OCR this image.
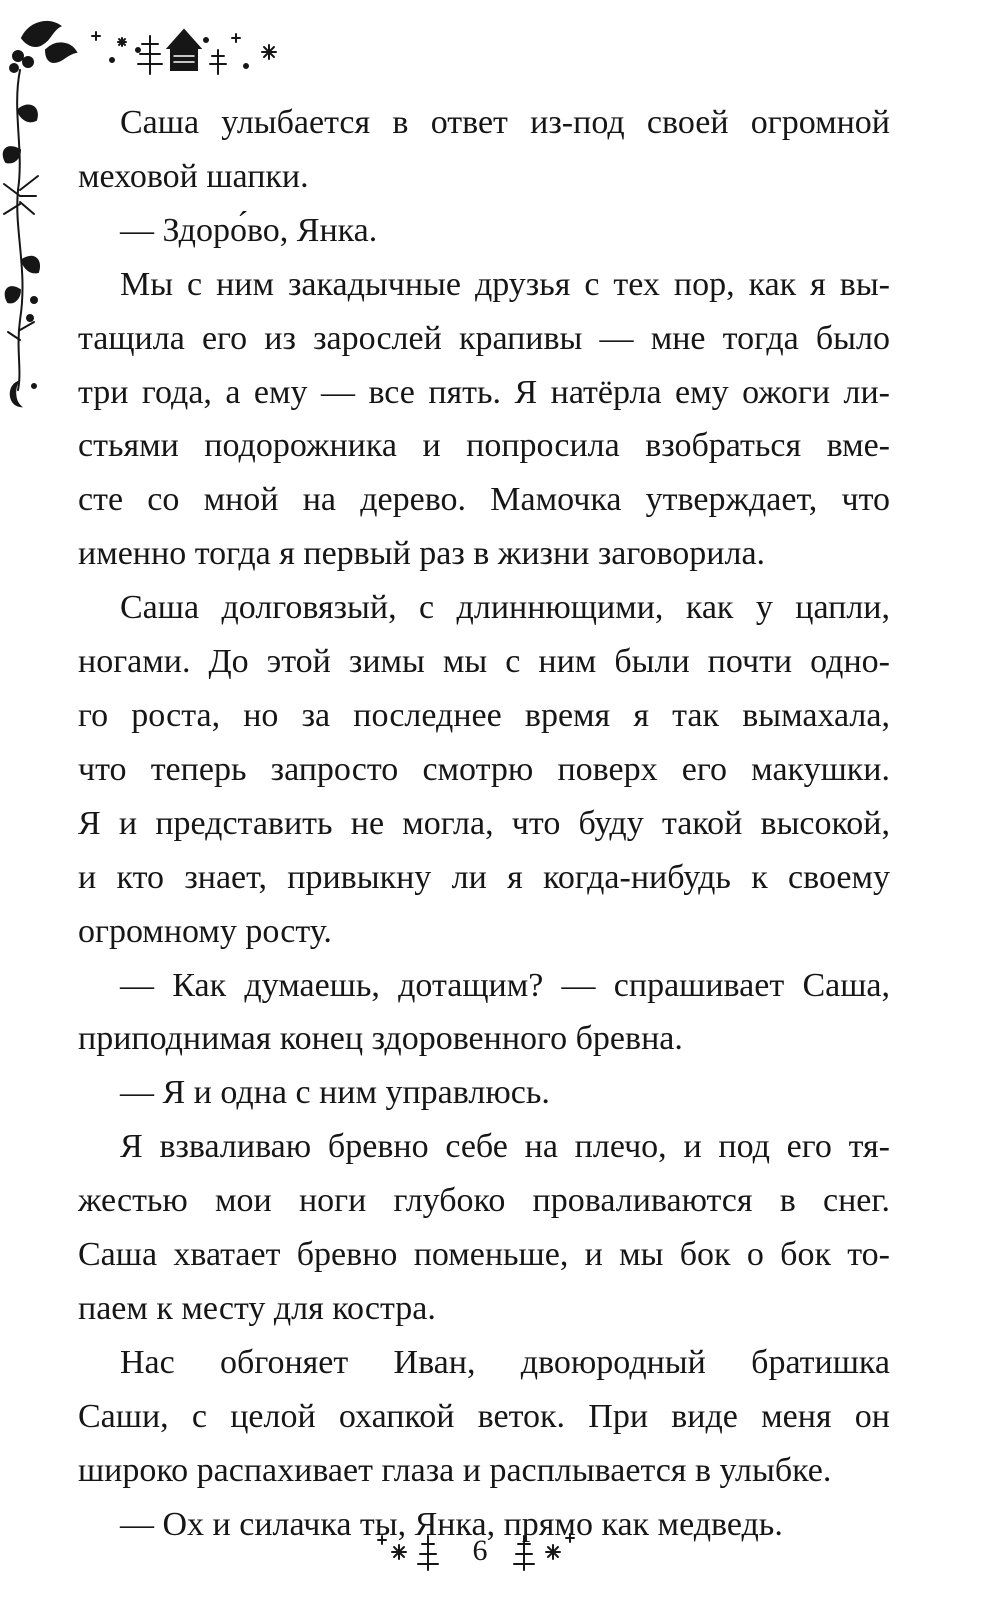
Саша улыбается в ответ из-под своей огромной
меховой шапки.

— Здоро́во, Янка.

Мы с ним закадычные друзья с тех пор, как я вы-
тащила его из зарослей крапивы — мне тогда было
три года, а ему — все пять. Я натёрла ему ожоги ли-
стьями подорожника и попросила взобраться вме-
сте со мной на дерево. Мамочка утверждает, что
именно тогда я первый раз в жизни заговорила.

Саша долговязый, с длиннющими, как у цапли,
ногами. До этой зимы мы с ним были почти одно-
го роста, но за последнее время я так вымахала,
что теперь запросто смотрю поверх его макушки.
Я и представить не могла, что буду такой высокой,
и кто знает, привыкну ли я когда-нибудь к своему
огромному росту.

— Как думаешь, дотащим? — спрашивает Саша,
приподнимая конец здоровенного бревна.

— Я и одна с ним управлюсь.

Я взваливаю бревно себе на плечо, и под его тя-
жестью мои ноги глубоко проваливаются в снег.
Саша хватает бревно поменьше, и мы бок о бок то-
паем к месту для костра.

Нас обгоняет Иван, двоюродный братишка
Саши, с целой охапкой веток. При виде меня он
широко распахивает глаза и расплывается в улыбке.

— Ох и силачка ты, Янка, прямо как медведь.

6
